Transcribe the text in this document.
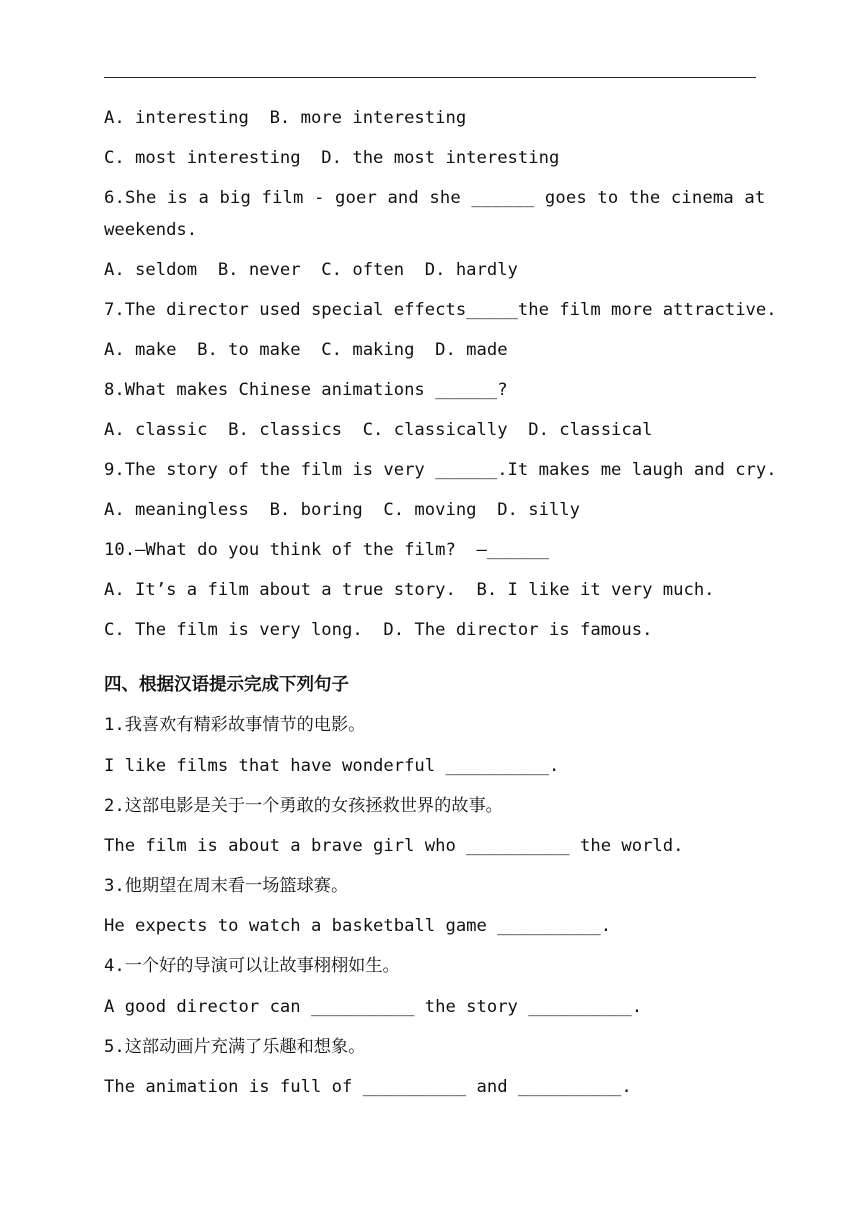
A. interesting  B. more interesting

C. most interesting  D. the most interesting

6.She is a big film - goer and she ______ goes to the cinema at

weekends.

A. seldom  B. never  C. often  D. hardly

7.The director used special effects_____the film more attractive.

A. make  B. to make  C. making  D. made

8.What makes Chinese animations ______?

A. classic  B. classics  C. classically  D. classical

9.The story of the film is very ______.It makes me laugh and cry.

A. meaningless  B. boring  C. moving  D. silly

10.—What do you think of the film?  —______

A. It’s a film about a true story.  B. I like it very much.

C. The film is very long.  D. The director is famous.

四、根据汉语提示完成下列句子

1.我喜欢有精彩故事情节的电影。

I like films that have wonderful __________.

2.这部电影是关于一个勇敢的女孩拯救世界的故事。

The film is about a brave girl who __________ the world.

3.他期望在周末看一场篮球赛。

He expects to watch a basketball game __________.

4.一个好的导演可以让故事栩栩如生。

A good director can __________ the story __________.

5.这部动画片充满了乐趣和想象。

The animation is full of __________ and __________.
